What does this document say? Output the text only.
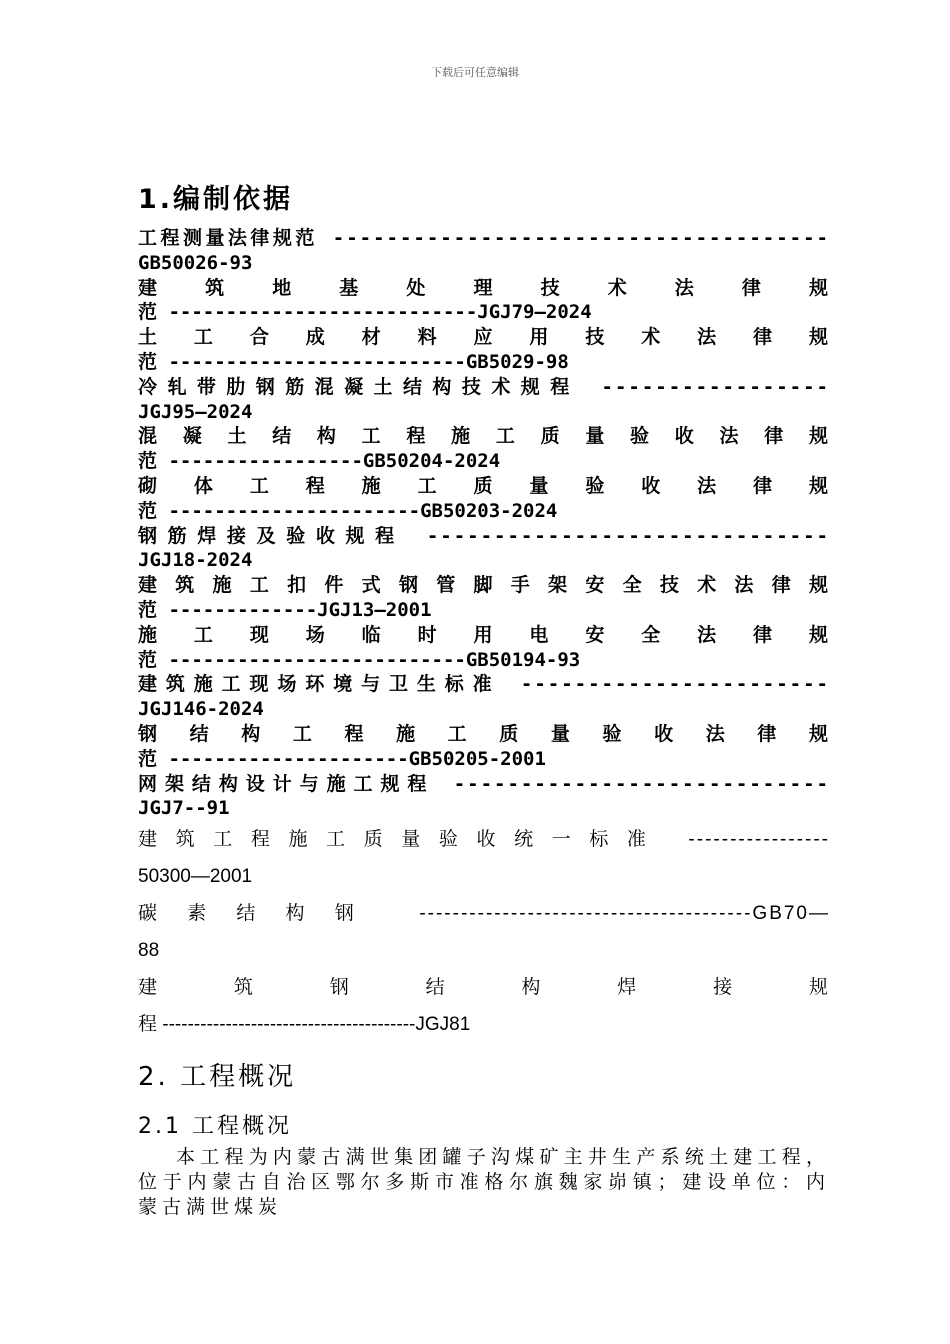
下载后可任意编辑
1.编制依据
工程测量法律规范 -------------------------------------
GB50026-93
建筑地基处理技术法律规
范 ---------------------------JGJ79—2024
土工合成材料应用技术法律规
范 --------------------------GB5029-98
冷轧带肋钢筋混凝土结构技术规程 -----------------
JGJ95—2024
混凝土结构工程施工质量验收法律规
范 -----------------GB50204-2024
砌体工程施工质量验收法律规
范 ----------------------GB50203-2024
钢筋焊接及验收规程 ------------------------------
JGJ18-2024
建筑施工扣件式钢管脚手架安全技术法律规
范 -------------JGJ13—2001
施工现场临时用电安全法律规
范 --------------------------GB50194-93
建筑施工现场环境与卫生标准 -----------------------
JGJ146-2024
钢结构工程施工质量验收法律规
范 ---------------------GB50205-2001
网架结构设计与施工规程 ----------------------------
JGJ7--91
建筑工程施工质量验收统一标准 -----------------
50300—2001
碳素结构钢 ----------------------------------------GB70—
88
建筑钢结构焊接规
程 ----------------------------------------JGJ81
2. 工程概况
2.1 工程概况

本工程为内蒙古满世集团罐子沟煤矿主井生产系统土建工程，位于内蒙古自治区鄂尔多斯市准格尔旗魏家峁镇；建设单位：内蒙古满世煤炭
